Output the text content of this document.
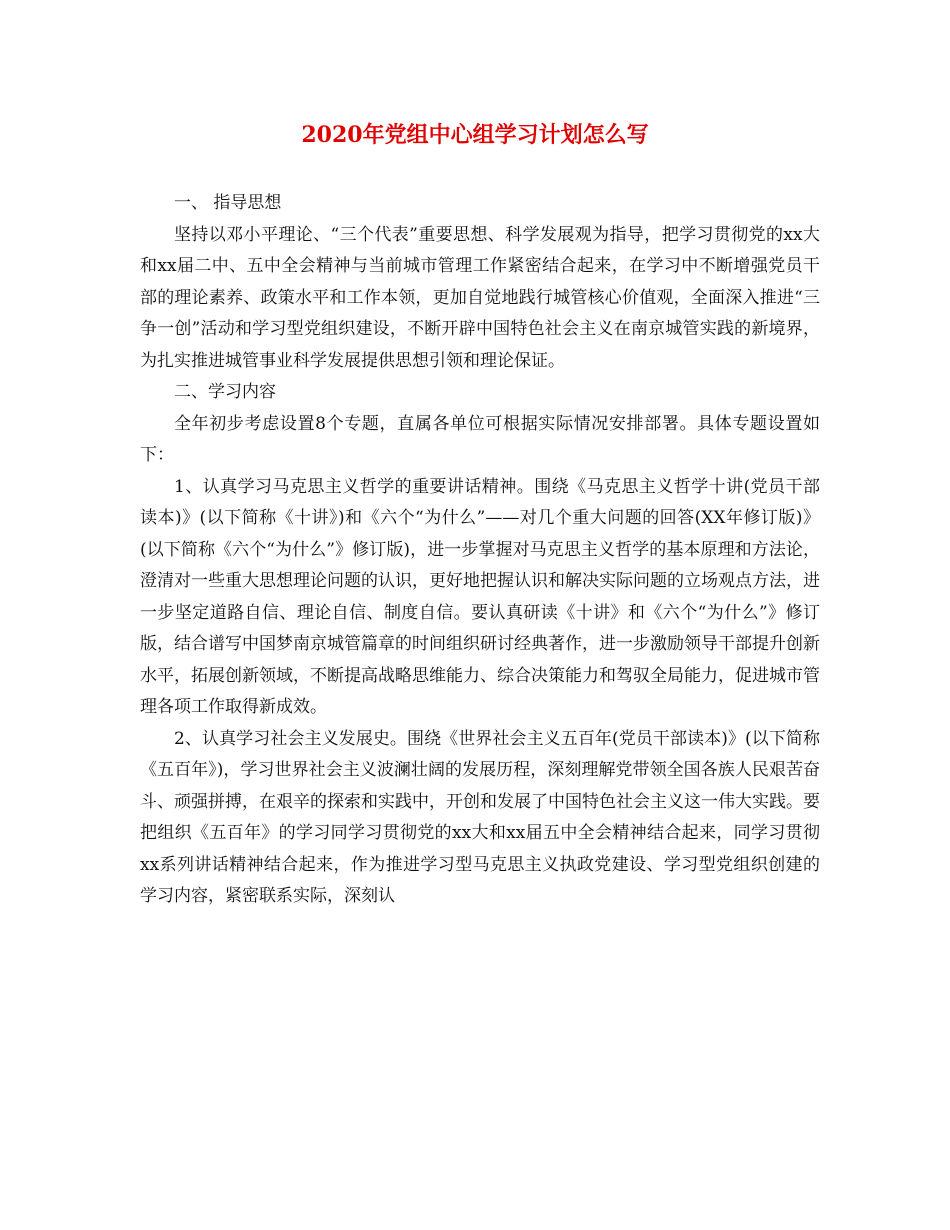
2020年党组中心组学习计划怎么写

一、 指导思想

坚持以邓小平理论、“三个代表”重要思想、科学发展观为指导，把学习贯彻党的xx大和xx届二中、五中全会精神与当前城市管理工作紧密结合起来，在学习中不断增强党员干部的理论素养、政策水平和工作本领，更加自觉地践行城管核心价值观，全面深入推进“三争一创”活动和学习型党组织建设，不断开辟中国特色社会主义在南京城管实践的新境界，为扎实推进城管事业科学发展提供思想引领和理论保证。

二、学习内容

全年初步考虑设置8个专题，直属各单位可根据实际情况安排部署。具体专题设置如下：

1、认真学习马克思主义哲学的重要讲话精神。围绕《马克思主义哲学十讲(党员干部读本)》(以下简称《十讲》)和《六个“为什么”——对几个重大问题的回答(XX年修订版)》(以下简称《六个“为什么”》修订版)，进一步掌握对马克思主义哲学的基本原理和方法论，澄清对一些重大思想理论问题的认识，更好地把握认识和解决实际问题的立场观点方法，进一步坚定道路自信、理论自信、制度自信。要认真研读《十讲》和《六个“为什么”》修订版，结合谱写中国梦南京城管篇章的时间组织研讨经典著作，进一步激励领导干部提升创新水平，拓展创新领域，不断提高战略思维能力、综合决策能力和驾驭全局能力，促进城市管理各项工作取得新成效。

2、认真学习社会主义发展史。围绕《世界社会主义五百年(党员干部读本)》(以下简称《五百年》)，学习世界社会主义波澜壮阔的发展历程，深刻理解党带领全国各族人民艰苦奋斗、顽强拼搏，在艰辛的探索和实践中，开创和发展了中国特色社会主义这一伟大实践。要把组织《五百年》的学习同学习贯彻党的xx大和xx届五中全会精神结合起来，同学习贯彻xx系列讲话精神结合起来，作为推进学习型马克思主义执政党建设、学习型党组织创建的学习内容，紧密联系实际，深刻认
